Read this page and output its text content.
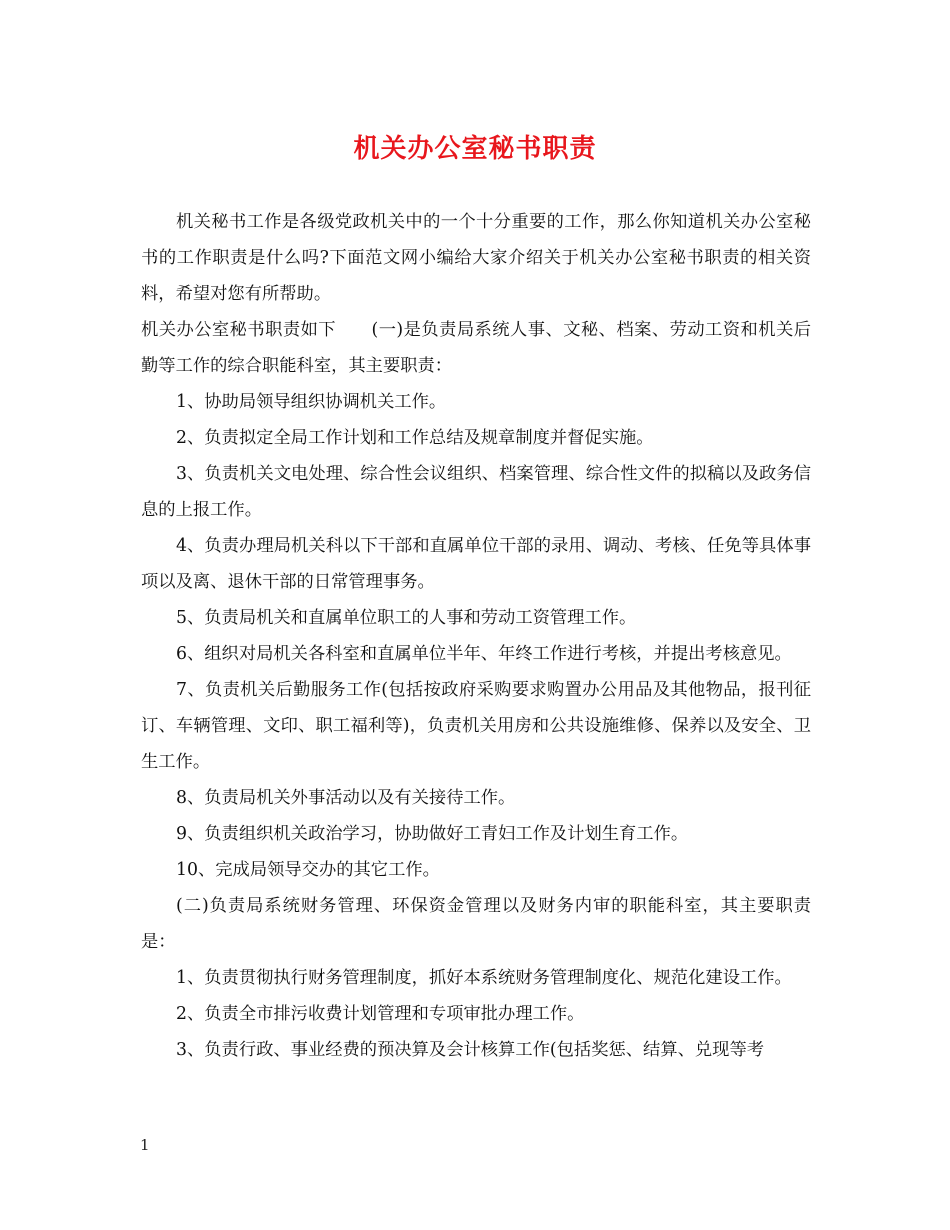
机关办公室秘书职责

机关秘书工作是各级党政机关中的一个十分重要的工作，那么你知道机关办公室秘书的工作职责是什么吗?下面范文网小编给大家介绍关于机关办公室秘书职责的相关资料，希望对您有所帮助。

机关办公室秘书职责如下　　(一)是负责局系统人事、文秘、档案、劳动工资和机关后勤等工作的综合职能科室，其主要职责：

1、协助局领导组织协调机关工作。

2、负责拟定全局工作计划和工作总结及规章制度并督促实施。

3、负责机关文电处理、综合性会议组织、档案管理、综合性文件的拟稿以及政务信息的上报工作。

4、负责办理局机关科以下干部和直属单位干部的录用、调动、考核、任免等具体事项以及离、退休干部的日常管理事务。

5、负责局机关和直属单位职工的人事和劳动工资管理工作。

6、组织对局机关各科室和直属单位半年、年终工作进行考核，并提出考核意见。

7、负责机关后勤服务工作(包括按政府采购要求购置办公用品及其他物品，报刊征订、车辆管理、文印、职工福利等)，负责机关用房和公共设施维修、保养以及安全、卫生工作。

8、负责局机关外事活动以及有关接待工作。

9、负责组织机关政治学习，协助做好工青妇工作及计划生育工作。

10、完成局领导交办的其它工作。

(二)负责局系统财务管理、环保资金管理以及财务内审的职能科室，其主要职责是：

1、负责贯彻执行财务管理制度，抓好本系统财务管理制度化、规范化建设工作。

2、负责全市排污收费计划管理和专项审批办理工作。

3、负责行政、事业经费的预决算及会计核算工作(包括奖惩、结算、兑现等考

1
